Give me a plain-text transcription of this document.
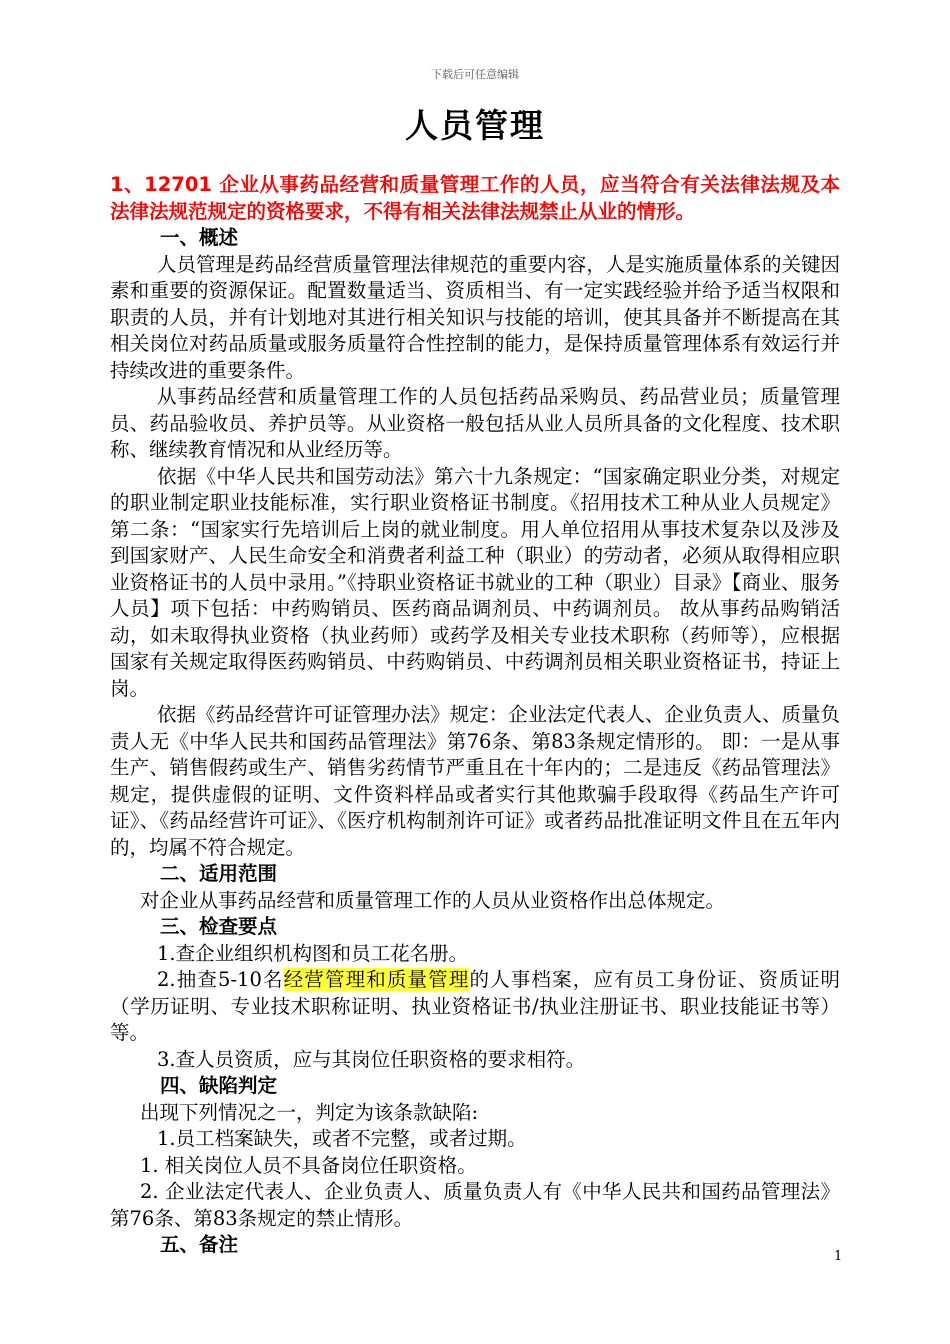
下载后可任意编辑
人员管理

1、12701 企业从事药品经营和质量管理工作的人员，应当符合有关法律法规及本法律法规范规定的资格要求，不得有相关法律法规禁止从业的情形。

一、概述

人员管理是药品经营质量管理法律规范的重要内容，人是实施质量体系的关键因素和重要的资源保证。配置数量适当、资质相当、有一定实践经验并给予适当权限和职责的人员，并有计划地对其进行相关知识与技能的培训，使其具备并不断提高在其相关岗位对药品质量或服务质量符合性控制的能力，是保持质量管理体系有效运行并持续改进的重要条件。

从事药品经营和质量管理工作的人员包括药品采购员、药品营业员；质量管理员、药品验收员、养护员等。从业资格一般包括从业人员所具备的文化程度、技术职称、继续教育情况和从业经历等。

依据《中华人民共和国劳动法》第六十九条规定：“国家确定职业分类，对规定的职业制定职业技能标准，实行职业资格证书制度。《招用技术工种从业人员规定》第二条：“国家实行先培训后上岗的就业制度。用人单位招用从事技术复杂以及涉及到国家财产、人民生命安全和消费者利益工种（职业）的劳动者，必须从取得相应职业资格证书的人员中录用。”《持职业资格证书就业的工种（职业）目录》【商业、服务人员】项下包括：中药购销员、医药商品调剂员、中药调剂员。 故从事药品购销活动，如未取得执业资格（执业药师）或药学及相关专业技术职称（药师等），应根据国家有关规定取得医药购销员、中药购销员、中药调剂员相关职业资格证书，持证上岗。

依据《药品经营许可证管理办法》规定：企业法定代表人、企业负责人、质量负责人无《中华人民共和国药品管理法》第76条、第83条规定情形的。 即：一是从事生产、销售假药或生产、销售劣药情节严重且在十年内的；二是违反《药品管理法》规定，提供虚假的证明、文件资料样品或者实行其他欺骗手段取得《药品生产许可证》、《药品经营许可证》、《医疗机构制剂许可证》或者药品批准证明文件且在五年内的，均属不符合规定。

二、适用范围

对企业从事药品经营和质量管理工作的人员从业资格作出总体规定。

三、检查要点

1.查企业组织机构图和员工花名册。

2.抽查5-10名经营管理和质量管理的人事档案，应有员工身份证、资质证明（学历证明、专业技术职称证明、执业资格证书/执业注册证书、职业技能证书等）等。

3.查人员资质，应与其岗位任职资格的要求相符。

四、缺陷判定

出现下列情况之一，判定为该条款缺陷:

1.员工档案缺失，或者不完整，或者过期。

1. 相关岗位人员不具备岗位任职资格。

2. 企业法定代表人、企业负责人、质量负责人有《中华人民共和国药品管理法》第76条、第83条规定的禁止情形。

五、备注

1
